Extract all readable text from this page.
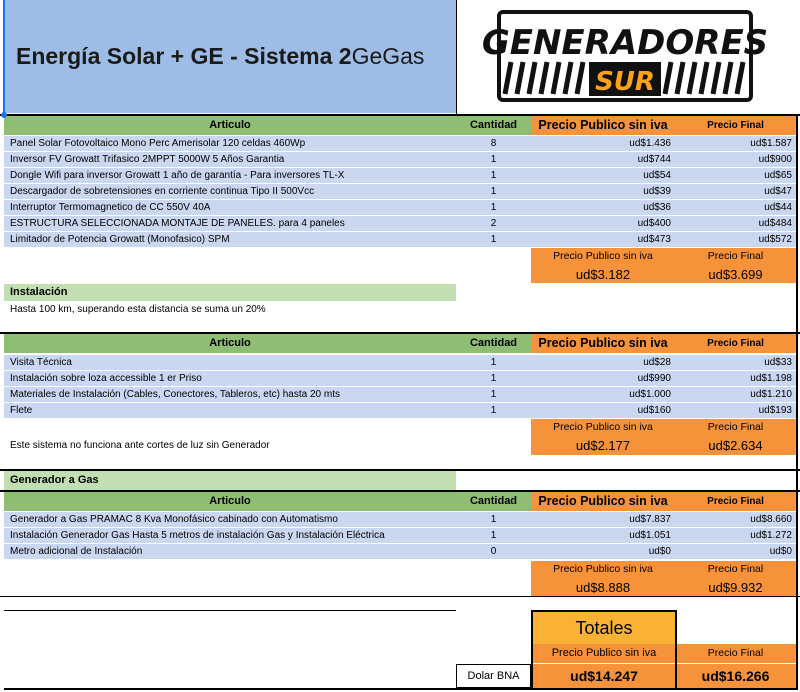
Energía Solar + GE - Sistema 2GeGas GENERADORES
SUR
Articulo	Cantidad	Precio Publico sin iva	Precio Final
Panel Solar Fotovoltaico Mono Perc Amerisolar 120 celdas 460Wp	8	ud$1.436	ud$1.587
Inversor FV Growatt Trifasico 2MPPT 5000W 5 Años Garantia	1	ud$744	ud$900
Dongle Wifi para inversor Growatt 1 año de garantía - Para inversores TL-X	1	ud$54	ud$65
Descargador de sobretensiones en corriente continua Tipo II 500Vcc	1	ud$39	ud$47
Interruptor Termomagnetico de CC 550V 40A	1	ud$36	ud$44
ESTRUCTURA SELECCIONADA MONTAJE DE PANELES. para 4 paneles	2	ud$400	ud$484
Limitador de Potencia Growatt (Monofasico) SPM	1	ud$473	ud$572
Precio Publico sin iva	Precio Final
ud$3.182	ud$3.699
Instalación
Hasta 100 km, superando esta distancia se suma un 20%
Articulo	Cantidad	Precio Publico sin iva	Precio Final
Visita Técnica	1	ud$28	ud$33
Instalación sobre loza accessible 1 er Priso	1	ud$990	ud$1.198
Materiales de Instalación (Cables, Conectores, Tableros, etc) hasta 20 mts	1	ud$1.000	ud$1.210
Flete	1	ud$160	ud$193
Precio Publico sin iva	Precio Final
Este sistema no funciona ante cortes de luz sin Generador	ud$2.177	ud$2.634
Generador a Gas
Articulo	Cantidad	Precio Publico sin iva	Precio Final
Generador a Gas PRAMAC 8 Kva Monofásico cabinado con Automatismo	1	ud$7.837	ud$8.660
Instalación Generador Gas Hasta 5 metros de instalación Gas y Instalación Eléctrica	1	ud$1.051	ud$1.272
Metro adicional de Instalación	0	ud$0	ud$0
Precio Publico sin iva	Precio Final
ud$8.888	ud$9.932
Totales
Precio Publico sin iva	Precio Final
Dolar BNA	ud$14.247	ud$16.266
